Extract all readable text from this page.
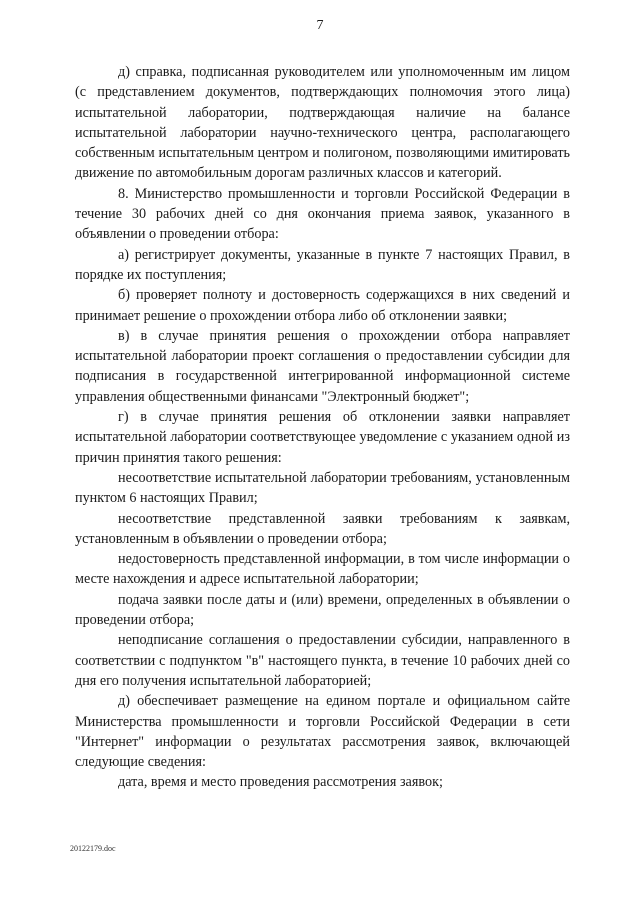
7

д) справка, подписанная руководителем или уполномоченным им лицом (с представлением документов, подтверждающих полномочия этого лица) испытательной лаборатории, подтверждающая наличие на балансе испытательной лаборатории научно-технического центра, располагающего собственным испытательным центром и полигоном, позволяющими имитировать движение по автомобильным дорогам различных классов и категорий.

8. Министерство промышленности и торговли Российской Федерации в течение 30 рабочих дней со дня окончания приема заявок, указанного в объявлении о проведении отбора:

а) регистрирует документы, указанные в пункте 7 настоящих Правил, в порядке их поступления;

б) проверяет полноту и достоверность содержащихся в них сведений и принимает решение о прохождении отбора либо об отклонении заявки;

в) в случае принятия решения о прохождении отбора направляет испытательной лаборатории проект соглашения о предоставлении субсидии для подписания в государственной интегрированной информационной системе управления общественными финансами "Электронный бюджет";

г) в случае принятия решения об отклонении заявки направляет испытательной лаборатории соответствующее уведомление с указанием одной из причин принятия такого решения:

несоответствие испытательной лаборатории требованиям, установленным пунктом 6 настоящих Правил;

несоответствие представленной заявки требованиям к заявкам, установленным в объявлении о проведении отбора;

недостоверность представленной информации, в том числе информации о месте нахождения и адресе испытательной лаборатории;

подача заявки после даты и (или) времени, определенных в объявлении о проведении отбора;

неподписание соглашения о предоставлении субсидии, направленного в соответствии с подпунктом "в" настоящего пункта, в течение 10 рабочих дней со дня его получения испытательной лабораторией;

д) обеспечивает размещение на едином портале и официальном сайте Министерства промышленности и торговли Российской Федерации в сети "Интернет" информации о результатах рассмотрения заявок, включающей следующие сведения:

дата, время и место проведения рассмотрения заявок;

20122179.doc
